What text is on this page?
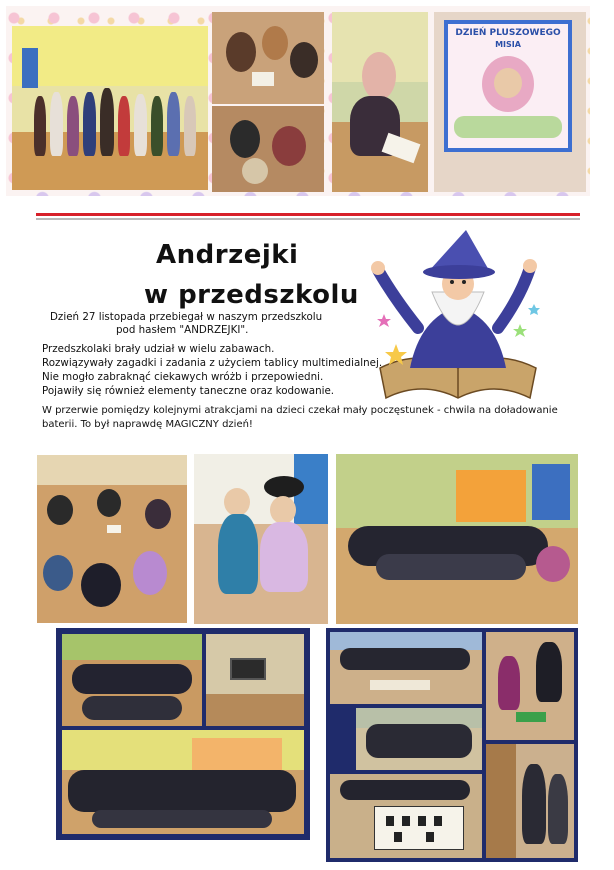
DZIEŃ PLUSZOWEGO
MISIA
Andrzejki
w przedszkolu
Dzień 27 listopada przebiegał w naszym przedszkolu
pod hasłem "ANDRZEJKI".
Przedszkolaki brały udział w wielu zabawach.
Rozwiązywały zagadki i zadania z użyciem tablicy multimedialnej.
Nie mogło zabraknąć ciekawych wróżb i przepowiedni.
Pojawiły się również elementy taneczne oraz kodowanie.
W przerwie pomiędzy kolejnymi atrakcjami na dzieci czekał mały poczęstunek - chwila na doładowanie
baterii. To był naprawdę MAGICZNY dzień!
